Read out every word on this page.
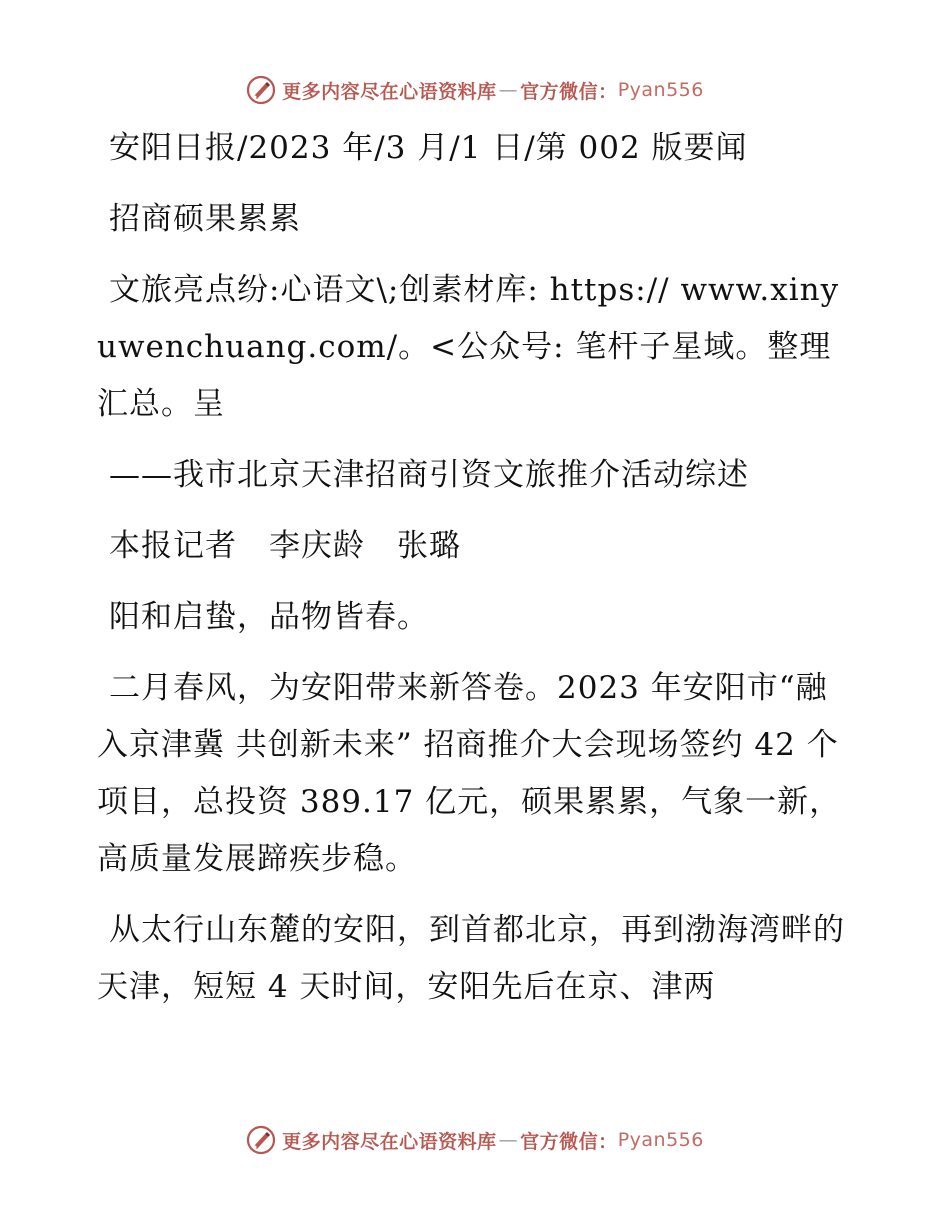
更多内容尽在心语资料库 — 官方微信： Pyan556

安阳日报/2023 年/3 月/1 日/第 002 版要闻

招商硕果累累

文旅亮点纷:心语文\;创素材库: https:// www.xinyuwenchuang.com/。<公众号: 笔杆子星域。整理汇总。呈

——我市北京天津招商引资文旅推介活动综述

本报记者　李庆龄　张璐

阳和启蛰，品物皆春。

二月春风，为安阳带来新答卷。2023 年安阳市“融入京津冀 共创新未来” 招商推介大会现场签约 42 个项目，总投资 389.17 亿元，硕果累累，气象一新，高质量发展蹄疾步稳。

从太行山东麓的安阳，到首都北京，再到渤海湾畔的天津，短短 4 天时间，安阳先后在京、津两

更多内容尽在心语资料库 — 官方微信： Pyan556
